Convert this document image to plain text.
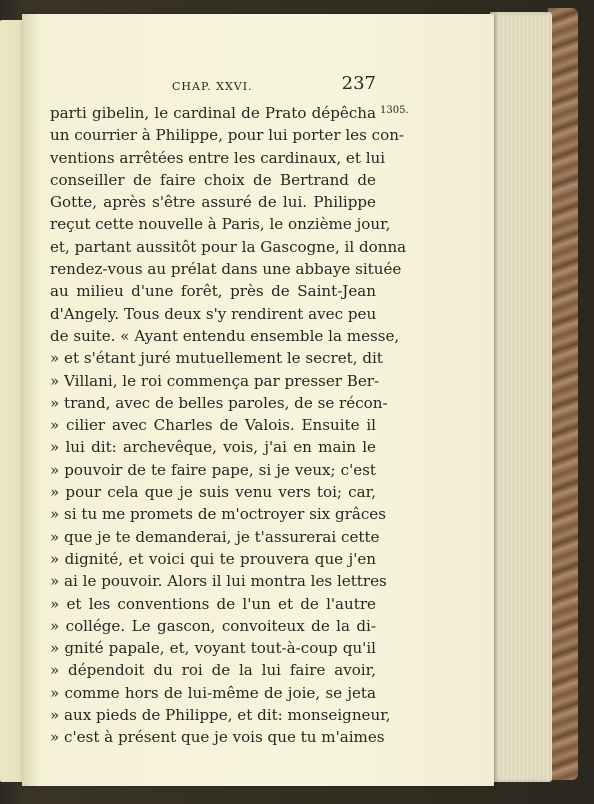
CHAP. XXVI.	237
1305.
parti gibelin, le cardinal de Prato dépêcha
un courrier à Philippe, pour lui porter les con-
ventions arrêtées entre les cardinaux, et lui
conseiller de faire choix de Bertrand de
Gotte, après s'être assuré de lui. Philippe
reçut cette nouvelle à Paris, le onzième jour,
et, partant aussitôt pour la Gascogne, il donna
rendez-vous au prélat dans une abbaye située
au milieu d'une forêt, près de Saint-Jean
d'Angely. Tous deux s'y rendirent avec peu
de suite. « Ayant entendu ensemble la messe,
» et s'étant juré mutuellement le secret, dit
» Villani, le roi commença par presser Ber-
» trand, avec de belles paroles, de se récon-
» cilier avec Charles de Valois. Ensuite il
» lui dit: archevêque, vois, j'ai en main le
» pouvoir de te faire pape, si je veux; c'est
» pour cela que je suis venu vers toi; car,
» si tu me promets de m'octroyer six grâces
» que je te demanderai, je t'assurerai cette
» dignité, et voici qui te prouvera que j'en
» ai le pouvoir. Alors il lui montra les lettres
» et les conventions de l'un et de l'autre
» collége. Le gascon, convoiteux de la di-
» gnité papale, et, voyant tout-à-coup qu'il
» dépendoit du roi de la lui faire avoir,
» comme hors de lui-même de joie, se jeta
» aux pieds de Philippe, et dit: monseigneur,
» c'est à présent que je vois que tu m'aimes
